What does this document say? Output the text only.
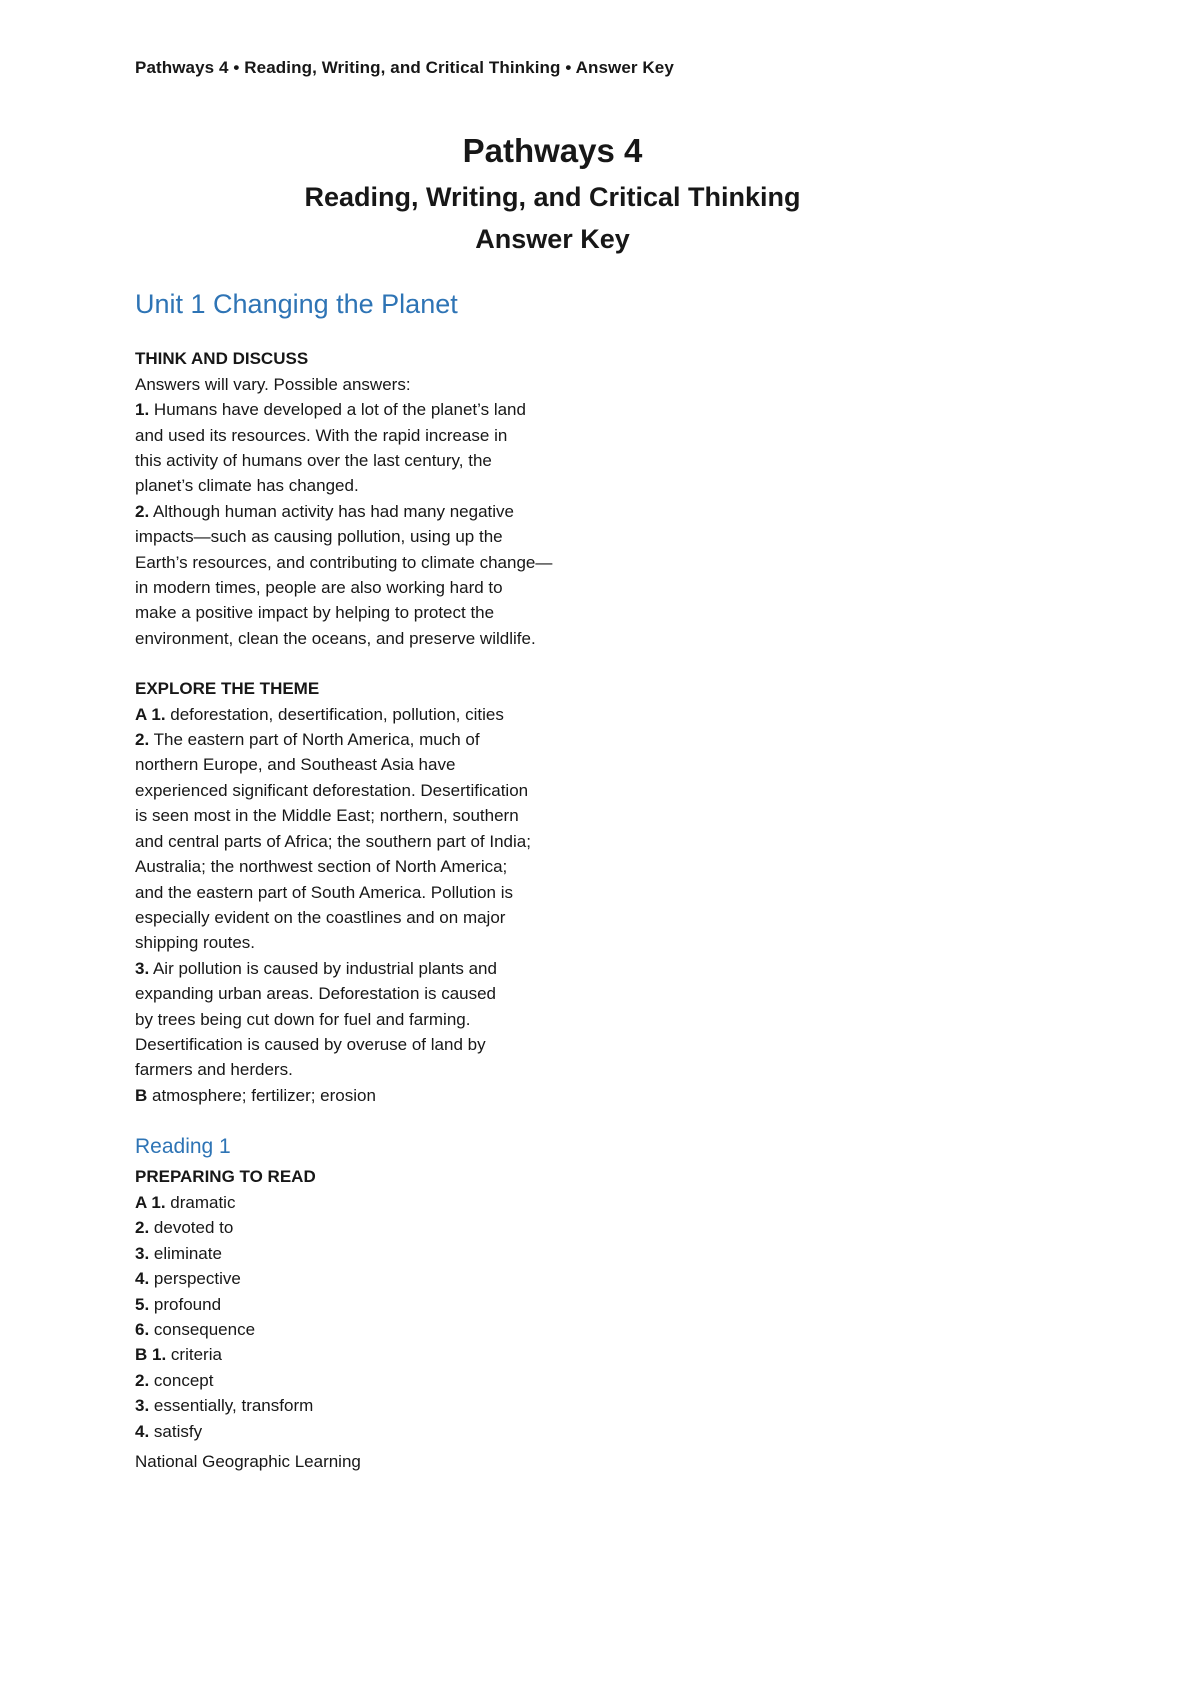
Pathways 4 • Reading, Writing, and Critical Thinking • Answer Key
Pathways 4
Reading, Writing, and Critical Thinking
Answer Key
Unit 1 Changing the Planet
THINK AND DISCUSS
Answers will vary. Possible answers:
1. Humans have developed a lot of the planet’s land
and used its resources. With the rapid increase in
this activity of humans over the last century, the
planet’s climate has changed.
2. Although human activity has had many negative
impacts—such as causing pollution, using up the
Earth’s resources, and contributing to climate change—
in modern times, people are also working hard to
make a positive impact by helping to protect the
environment, clean the oceans, and preserve wildlife.
EXPLORE THE THEME
A 1. deforestation, desertification, pollution, cities
2. The eastern part of North America, much of
northern Europe, and Southeast Asia have
experienced significant deforestation. Desertification
is seen most in the Middle East; northern, southern
and central parts of Africa; the southern part of India;
Australia; the northwest section of North America;
and the eastern part of South America. Pollution is
especially evident on the coastlines and on major
shipping routes.
3. Air pollution is caused by industrial plants and
expanding urban areas. Deforestation is caused
by trees being cut down for fuel and farming.
Desertification is caused by overuse of land by
farmers and herders.
B atmosphere; fertilizer; erosion
Reading 1
PREPARING TO READ
A 1. dramatic
2. devoted to
3. eliminate
4. perspective
5. profound
6. consequence
B 1. criteria
2. concept
3. essentially, transform
4. satisfy
National Geographic Learning
